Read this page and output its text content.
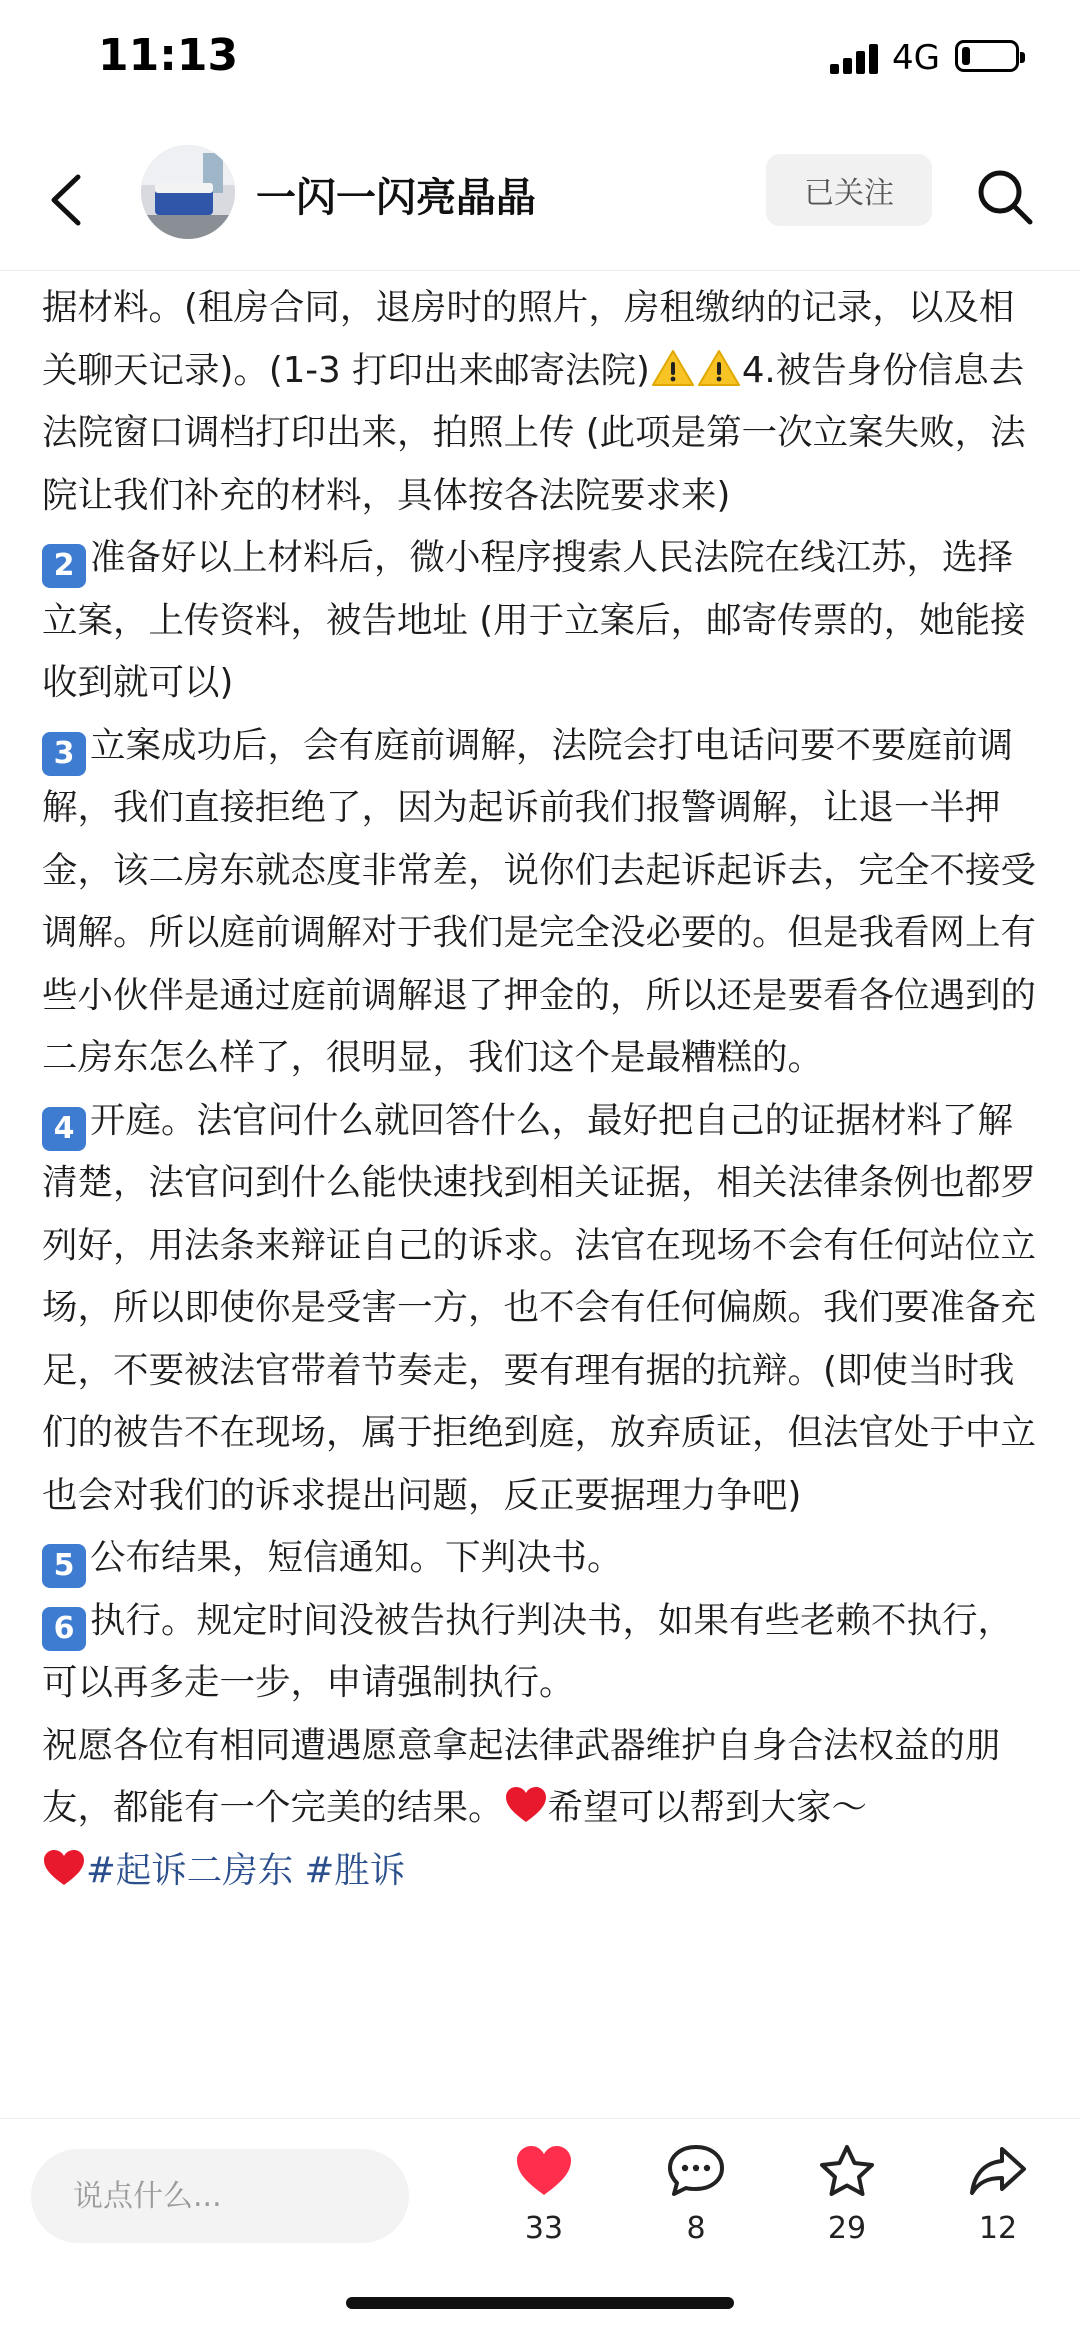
11:13	4G
一闪一闪亮晶晶	已关注

据材料。(租房合同，退房时的照片，房租缴纳的记录，以及相关聊天记录)。(1-3 打印出来邮寄法院)	4.被告身份信息去法院窗口调档打印出来，拍照上传 (此项是第一次立案失败，法院让我们补充的材料，具体按各法院要求来)

2 准备好以上材料后，微小程序搜索人民法院在线江苏，选择立案，上传资料，被告地址 (用于立案后，邮寄传票的，她能接收到就可以)

3 立案成功后，会有庭前调解，法院会打电话问要不要庭前调解，我们直接拒绝了，因为起诉前我们报警调解，让退一半押金，该二房东就态度非常差，说你们去起诉起诉去，完全不接受调解。所以庭前调解对于我们是完全没必要的。但是我看网上有些小伙伴是通过庭前调解退了押金的，所以还是要看各位遇到的二房东怎么样了，很明显，我们这个是最糟糕的。

4 开庭。法官问什么就回答什么，最好把自己的证据材料了解清楚，法官问到什么能快速找到相关证据，相关法律条例也都罗列好，用法条来辩证自己的诉求。法官在现场不会有任何站位立场，所以即使你是受害一方，也不会有任何偏颇。我们要准备充足，不要被法官带着节奏走，要有理有据的抗辩。(即使当时我们的被告不在现场，属于拒绝到庭，放弃质证，但法官处于中立也会对我们的诉求提出问题，反正要据理力争吧)

5 公布结果，短信通知。下判决书。

6 执行。规定时间没被告执行判决书，如果有些老赖不执行，可以再多走一步，申请强制执行。

祝愿各位有相同遭遇愿意拿起法律武器维护自身合法权益的朋友，都能有一个完美的结果。 希望可以帮到大家～

#起诉二房东 #胜诉

说点什么...
33	8	29	12
